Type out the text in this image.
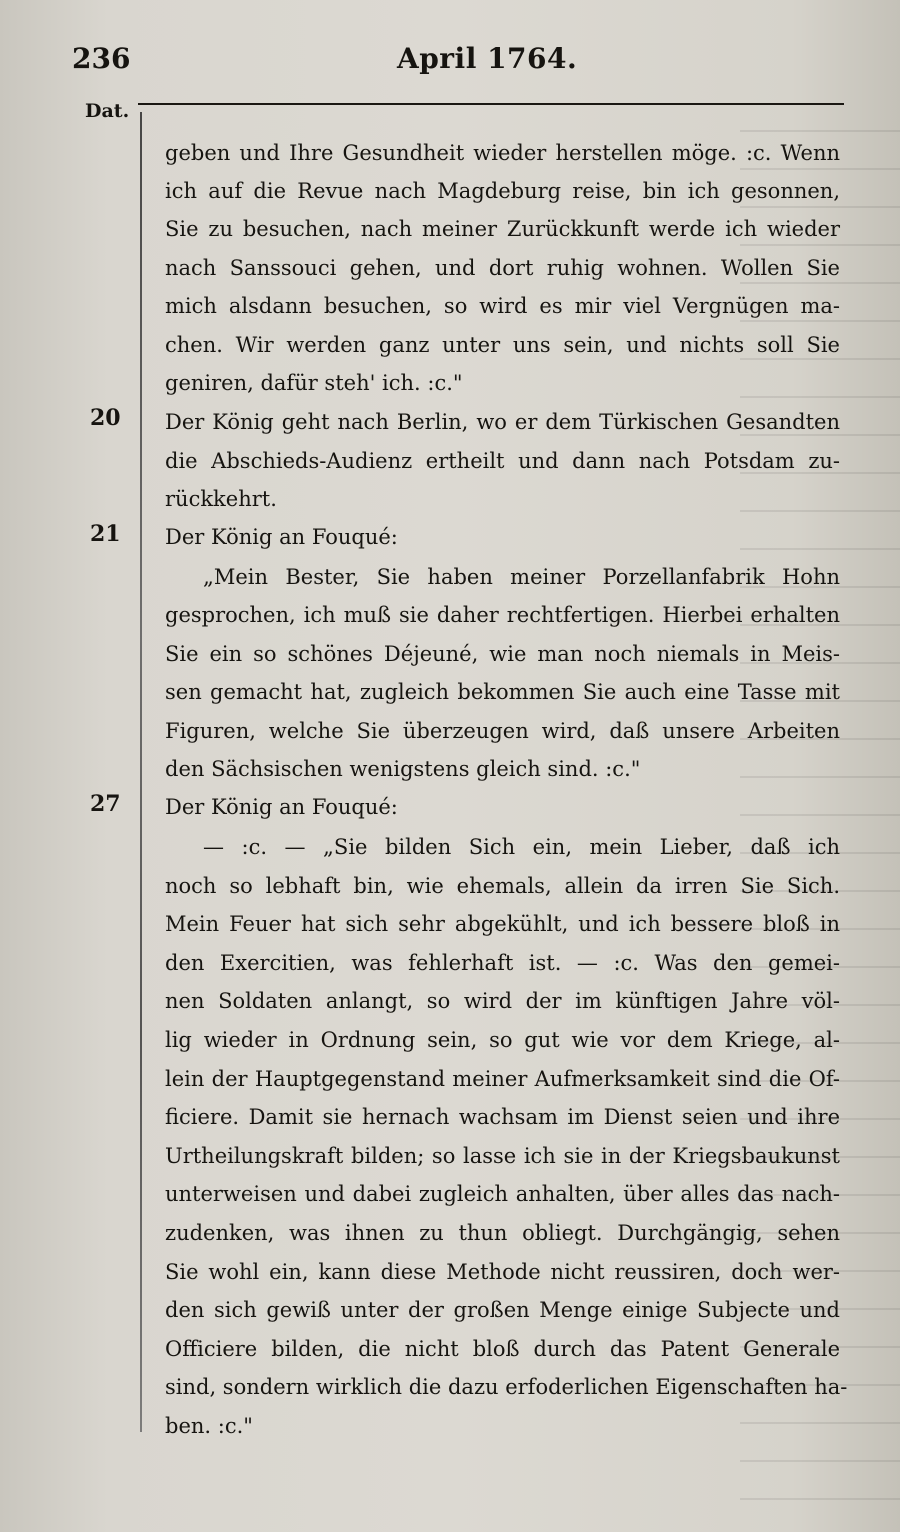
236	April 1764.
Dat.
20
21
27
geben und Ihre Gesundheit wieder herstellen möge. :c. Wenn
ich auf die Revue nach Magdeburg reise, bin ich gesonnen,
Sie zu besuchen, nach meiner Zurückkunft werde ich wieder
nach Sanssouci gehen, und dort ruhig wohnen. Wollen Sie
mich alsdann besuchen, so wird es mir viel Vergnügen ma-
chen. Wir werden ganz unter uns sein, und nichts soll Sie
geniren, dafür steh' ich. :c."
Der König geht nach Berlin, wo er dem Türkischen Gesandten
die Abschieds-Audienz ertheilt und dann nach Potsdam zu-
rückkehrt.
Der König an Fouqué:
„Mein Bester, Sie haben meiner Porzellanfabrik Hohn
gesprochen, ich muß sie daher rechtfertigen. Hierbei erhalten
Sie ein so schönes Déjeuné, wie man noch niemals in Meis-
sen gemacht hat, zugleich bekommen Sie auch eine Tasse mit
Figuren, welche Sie überzeugen wird, daß unsere Arbeiten
den Sächsischen wenigstens gleich sind. :c."
Der König an Fouqué:
— :c. — „Sie bilden Sich ein, mein Lieber, daß ich
noch so lebhaft bin, wie ehemals, allein da irren Sie Sich.
Mein Feuer hat sich sehr abgekühlt, und ich bessere bloß in
den Exercitien, was fehlerhaft ist. — :c. Was den gemei-
nen Soldaten anlangt, so wird der im künftigen Jahre völ-
lig wieder in Ordnung sein, so gut wie vor dem Kriege, al-
lein der Hauptgegenstand meiner Aufmerksamkeit sind die Of-
ficiere. Damit sie hernach wachsam im Dienst seien und ihre
Urtheilungskraft bilden; so lasse ich sie in der Kriegsbaukunst
unterweisen und dabei zugleich anhalten, über alles das nach-
zudenken, was ihnen zu thun obliegt. Durchgängig, sehen
Sie wohl ein, kann diese Methode nicht reussiren, doch wer-
den sich gewiß unter der großen Menge einige Subjecte und
Officiere bilden, die nicht bloß durch das Patent Generale
sind, sondern wirklich die dazu erfoderlichen Eigenschaften ha-
ben. :c."
